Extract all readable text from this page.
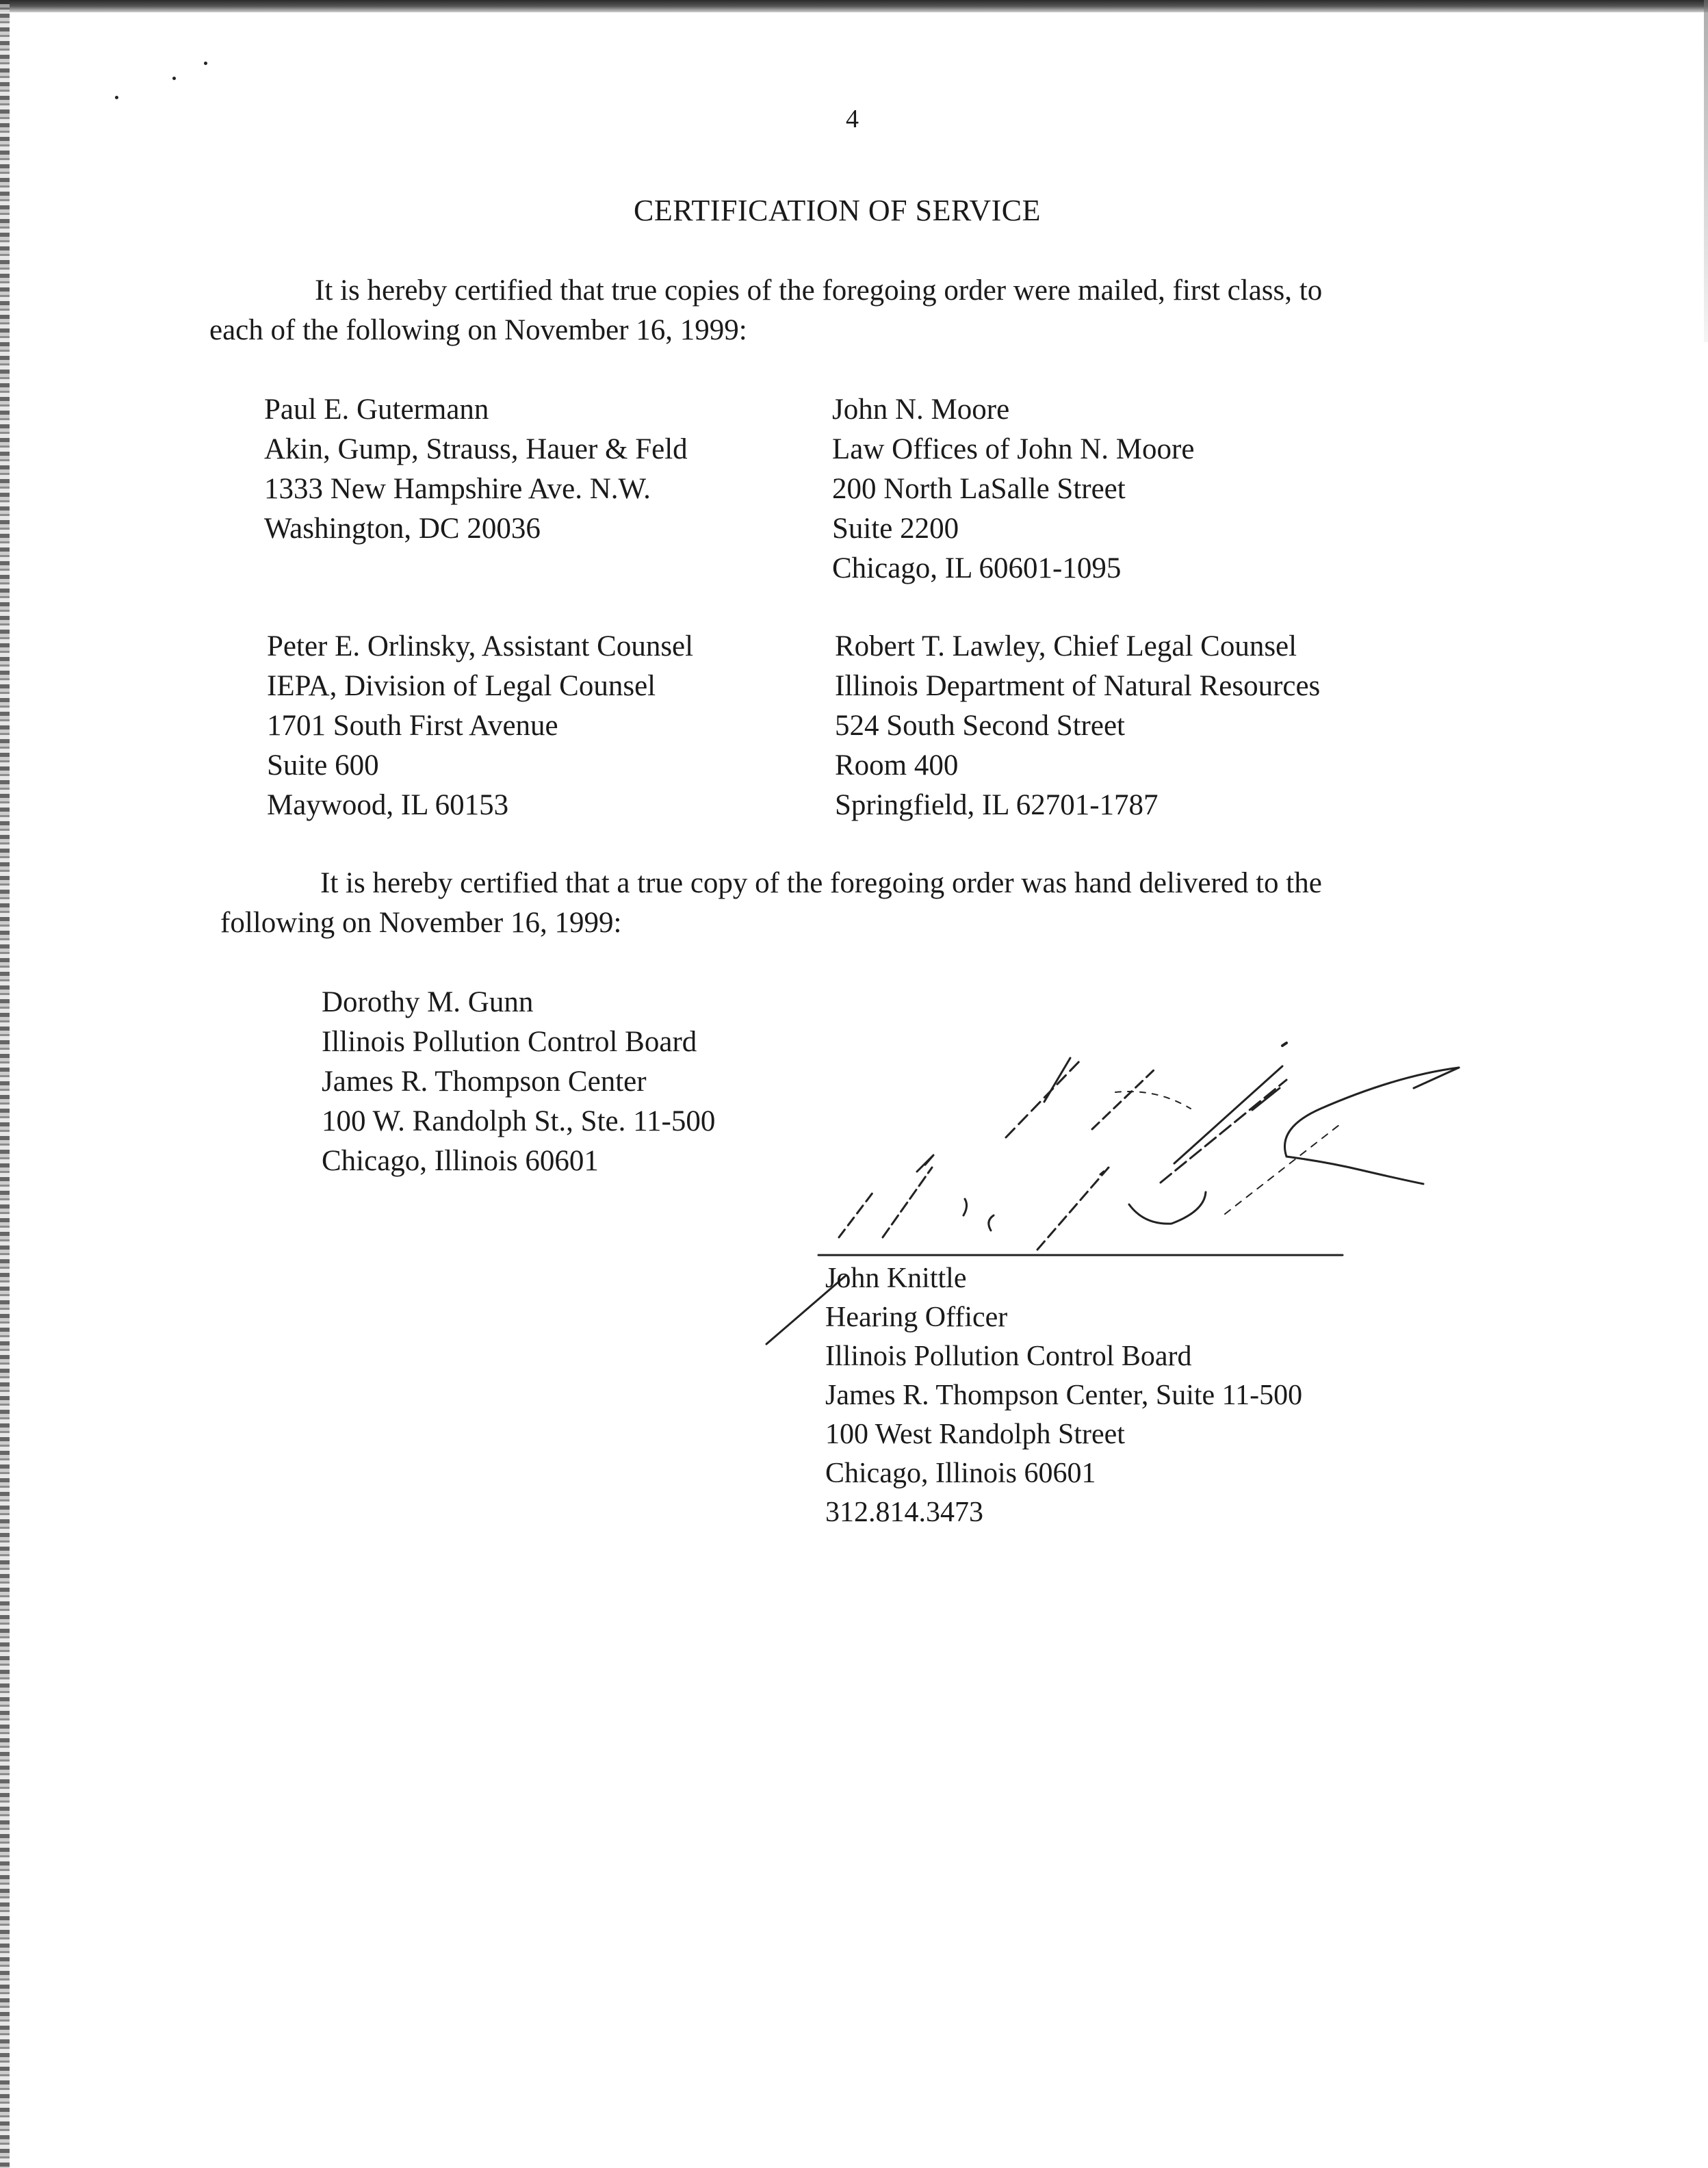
4
CERTIFICATION OF SERVICE
It is hereby certified that true copies of the foregoing order were mailed, first class, to
each of the following on November 16, 1999:
Paul E. Gutermann
Akin, Gump, Strauss, Hauer & Feld
1333 New Hampshire Ave. N.W.
Washington, DC 20036
John N. Moore
Law Offices of John N. Moore
200 North LaSalle Street
Suite 2200
Chicago, IL 60601-1095
Peter E. Orlinsky, Assistant Counsel
IEPA, Division of Legal Counsel
1701 South First Avenue
Suite 600
Maywood, IL 60153
Robert T. Lawley, Chief Legal Counsel
Illinois Department of Natural Resources
524 South Second Street
Room 400
Springfield, IL 62701-1787
It is hereby certified that a true copy of the foregoing order was hand delivered to the
following on November 16, 1999:
Dorothy M. Gunn
Illinois Pollution Control Board
James R. Thompson Center
100 W. Randolph St., Ste. 11-500
Chicago, Illinois 60601
John Knittle
Hearing Officer
Illinois Pollution Control Board
James R. Thompson Center, Suite 11-500
100 West Randolph Street
Chicago, Illinois 60601
312.814.3473
